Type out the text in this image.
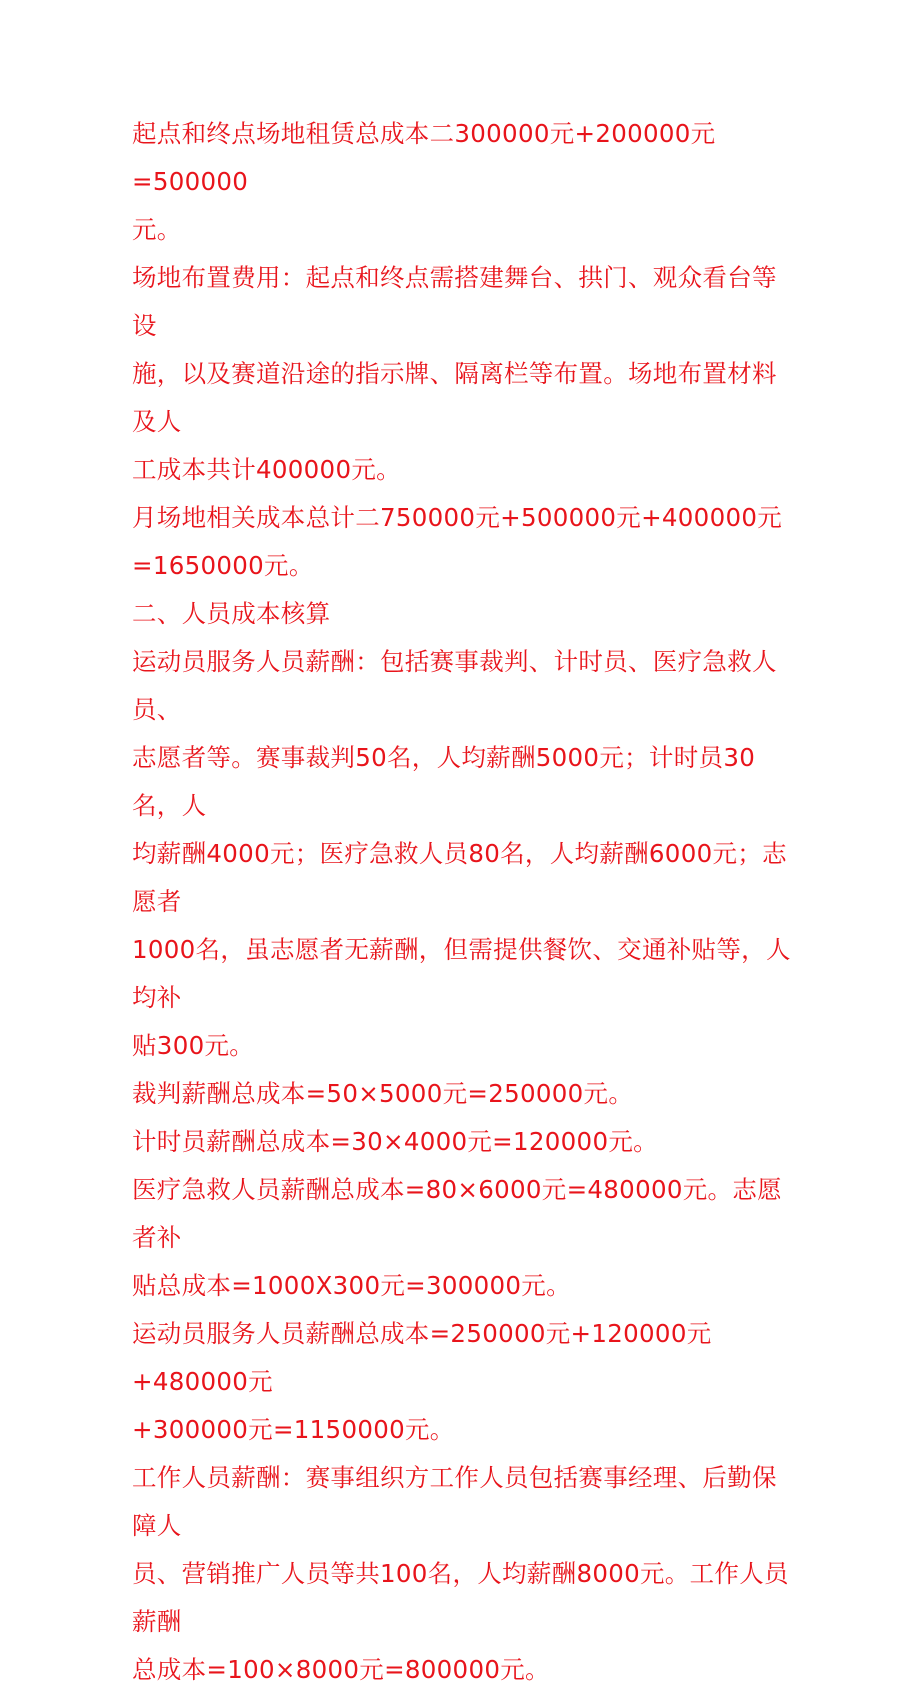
起点和终点场地租赁总成本二300000元+200000元=500000
元。

场地布置费用：起点和终点需搭建舞台、拱门、观众看台等设
施，以及赛道沿途的指示牌、隔离栏等布置。场地布置材料及人
工成本共计400000元。

月场地相关成本总计二750000元+500000元+400000元
=1650000元。

二、人员成本核算

运动员服务人员薪酬：包括赛事裁判、计时员、医疗急救人员、
志愿者等。赛事裁判50名，人均薪酬5000元；计时员30名，人
均薪酬4000元；医疗急救人员80名，人均薪酬6000元；志愿者
1000名，虽志愿者无薪酬，但需提供餐饮、交通补贴等，人均补
贴300元。

裁判薪酬总成本=50×5000元=250000元。

计时员薪酬总成本=30×4000元=120000元。

医疗急救人员薪酬总成本=80×6000元=480000元。志愿者补
贴总成本=1000X300元=300000元。

运动员服务人员薪酬总成本=250000元+120000元+480000元
+300000元=1150000元。

工作人员薪酬：赛事组织方工作人员包括赛事经理、后勤保障人
员、营销推广人员等共100名，人均薪酬8000元。工作人员薪酬
总成本=100×8000元=800000元。
